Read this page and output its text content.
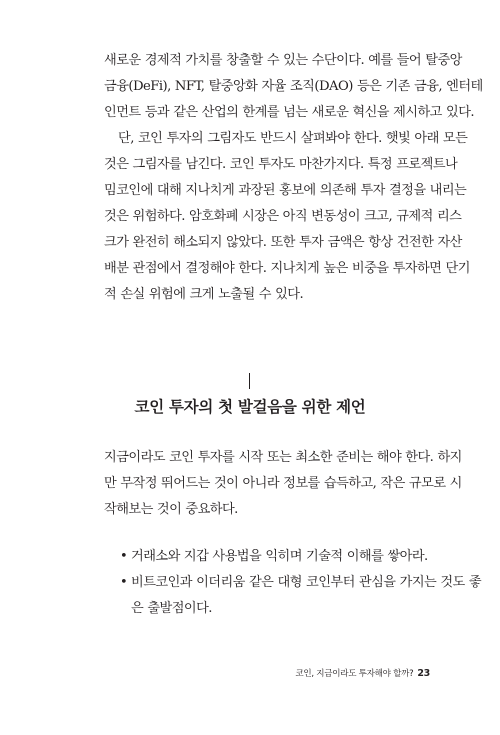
새로운 경제적 가치를 창출할 수 있는 수단이다. 예를 들어 탈중앙
금융(DeFi), NFT, 탈중앙화 자율 조직(DAO) 등은 기존 금융, 엔터테
인먼트 등과 같은 산업의 한계를 넘는 새로운 혁신을 제시하고 있다.
단, 코인 투자의 그림자도 반드시 살펴봐야 한다. 햇빛 아래 모든
것은 그림자를 남긴다. 코인 투자도 마찬가지다. 특정 프로젝트나
밈코인에 대해 지나치게 과장된 홍보에 의존해 투자 결정을 내리는
것은 위험하다. 암호화폐 시장은 아직 변동성이 크고, 규제적 리스
크가 완전히 해소되지 않았다. 또한 투자 금액은 항상 건전한 자산
배분 관점에서 결정해야 한다. 지나치게 높은 비중을 투자하면 단기
적 손실 위험에 크게 노출될 수 있다.
코인 투자의 첫 발걸음을 위한 제언
지금이라도 코인 투자를 시작 또는 최소한 준비는 해야 한다. 하지
만 무작정 뛰어드는 것이 아니라 정보를 습득하고, 작은 규모로 시
작해보는 것이 중요하다.
• 거래소와 지갑 사용법을 익히며 기술적 이해를 쌓아라.
• 비트코인과 이더리움 같은 대형 코인부터 관심을 가지는 것도 좋
은 출발점이다.
코인, 지금이라도 투자해야 할까? 23
